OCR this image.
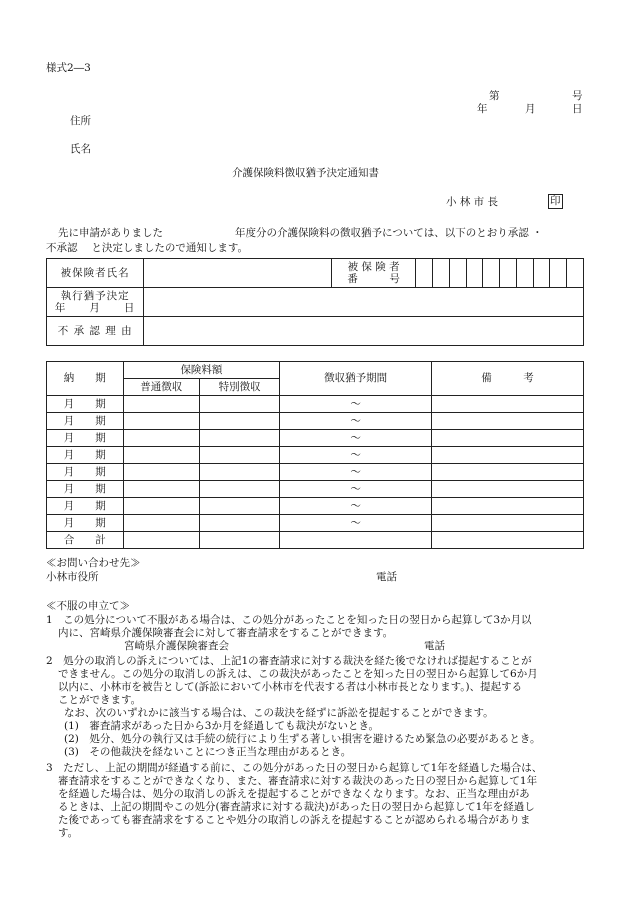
様式2―3
第	号
年	月	日
住所
氏名
介護保険料徴収猶予決定通知書
小 林 市 長	印
先に申請がありました	年度分の介護保険料の徴収猶予については、以下のとおり承認 ・
不承認　 と決定しましたので通知します。
被保険者氏名		被 保 険 者
番　　　号										

執行猶予決定
年　　月　　日												

不 承 認 理 由												
納　　期	保険料額		徴収猶予期間	備　　　考
	普通徴収	特別徴収		
月　　期			～	
月　　期			～	
月　　期			～	
月　　期			～	
月　　期			～	
月　　期			～	
月　　期			～	
月　　期			～	
合　　計				
≪お問い合わせ先≫
小林市役所	電話
≪不服の申立て≫
1　この処分について不服がある場合は、この処分があったことを知った日の翌日から起算して3か月以
内に、宮崎県介護保険審査会に対して審査請求をすることができます。
宮崎県介護保険審査会	電話
2　処分の取消しの訴えについては、上記1の審査請求に対する裁決を経た後でなければ提起することが
できません。この処分の取消しの訴えは、この裁決があったことを知った日の翌日から起算して6か月
以内に、小林市を被告として(訴訟において小林市を代表する者は小林市長となります。)、提起する
ことができます。
なお、次のいずれかに該当する場合は、この裁決を経ずに訴訟を提起することができます。
(1)　審査請求があった日から3か月を経過しても裁決がないとき。
(2)　処分、処分の執行又は手続の続行により生ずる著しい損害を避けるため緊急の必要があるとき。
(3)　その他裁決を経ないことにつき正当な理由があるとき。
3　ただし、上記の期間が経過する前に、この処分があった日の翌日から起算して1年を経過した場合は、
審査請求をすることができなくなり、また、審査請求に対する裁決のあった日の翌日から起算して1年
を経過した場合は、処分の取消しの訴えを提起することができなくなります。なお、正当な理由があ
るときは、上記の期間やこの処分(審査請求に対する裁決)があった日の翌日から起算して1年を経過し
た後であっても審査請求をすることや処分の取消しの訴えを提起することが認められる場合がありま
す。
